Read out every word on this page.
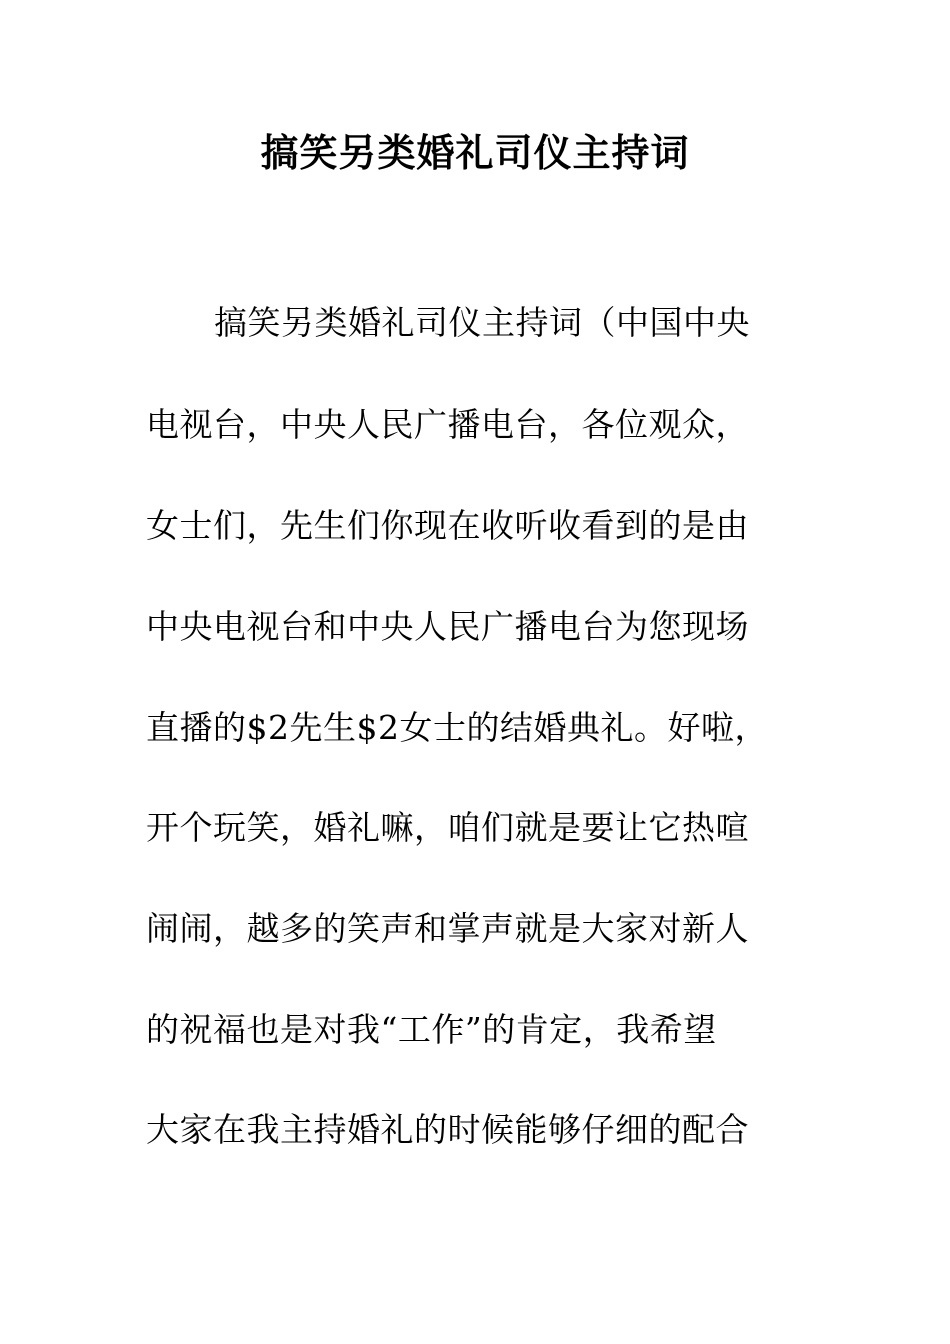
搞笑另类婚礼司仪主持词
搞笑另类婚礼司仪主持词（中国中央
电视台，中央人民广播电台，各位观众，
女士们，先生们你现在收听收看到的是由
中央电视台和中央人民广播电台为您现场
直播的$2先生$2女士的结婚典礼。好啦，
开个玩笑，婚礼嘛，咱们就是要让它热喧
闹闹，越多的笑声和掌声就是大家对新人
的祝福也是对我“工作”的肯定，我希望
大家在我主持婚礼的时候能够仔细的配合
